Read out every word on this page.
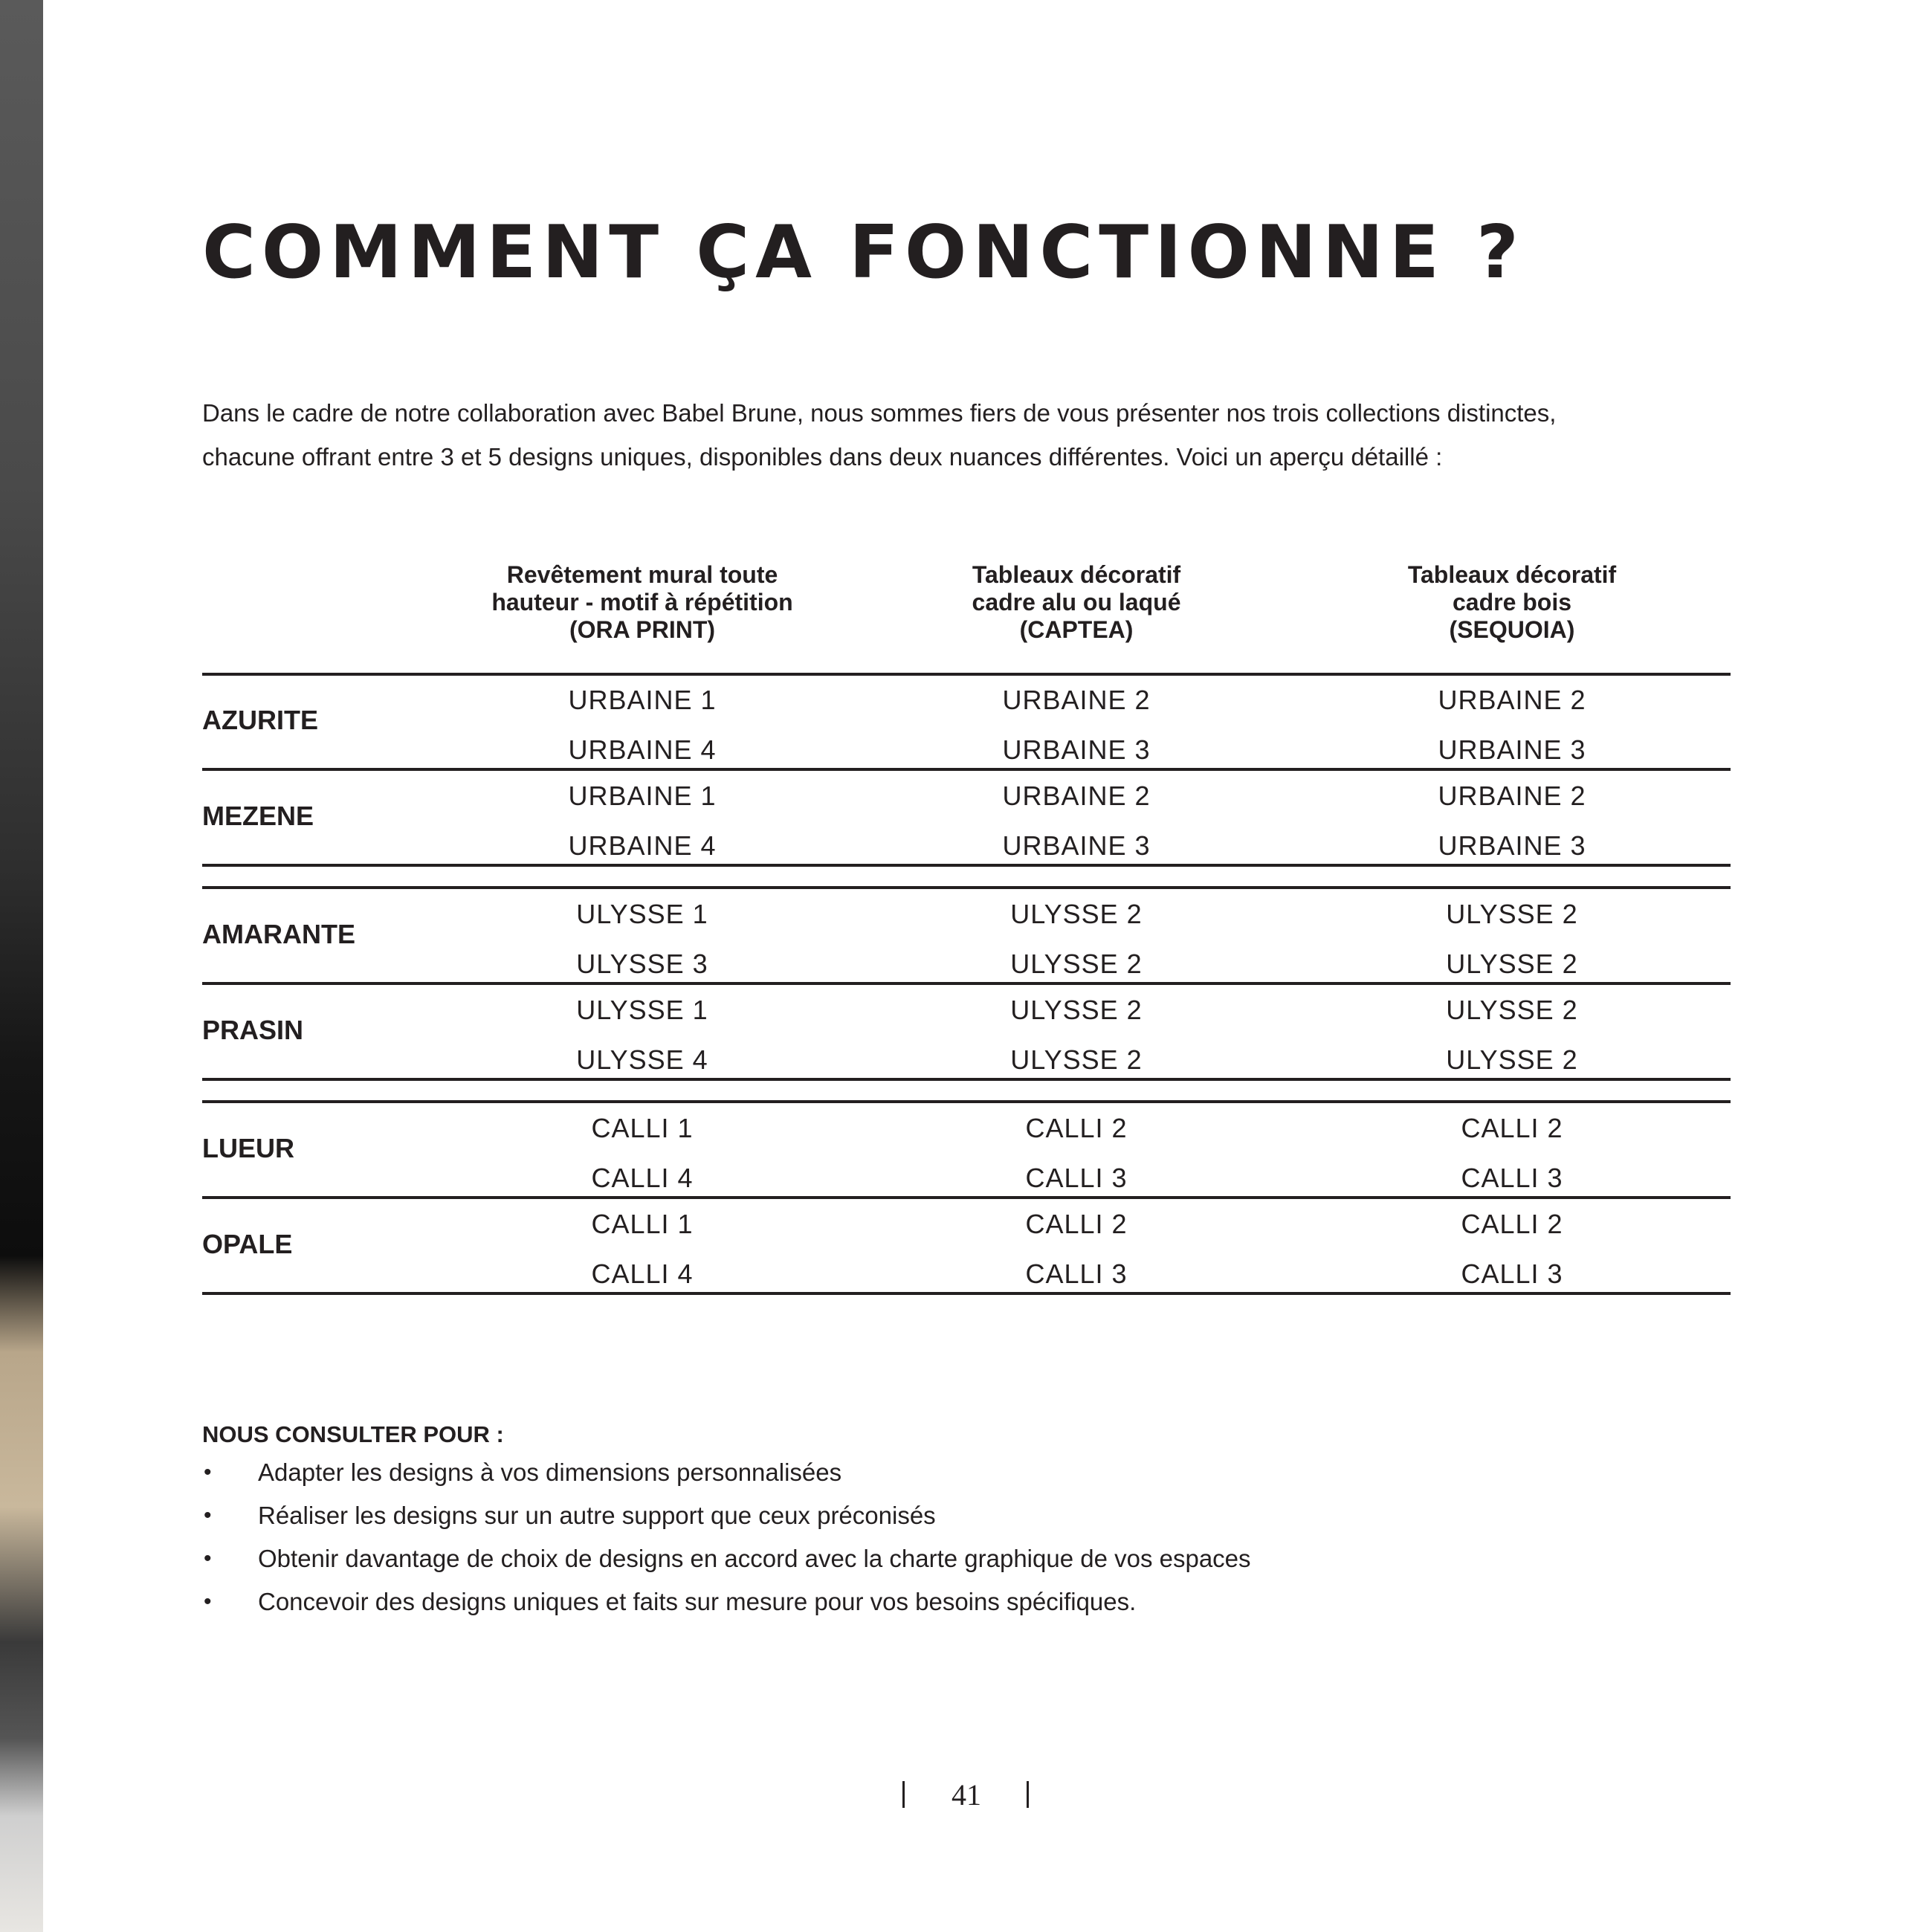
COMMENT ÇA FONCTIONNE ?

Dans le cadre de notre collaboration avec Babel Brune, nous sommes fiers de vous présenter nos trois collections distinctes,

chacune offrant entre 3 et 5 designs uniques, disponibles dans deux nuances différentes. Voici un aperçu détaillé :

Revêtement mural toute
hauteur - motif à répétition
(ORA PRINT)
Tableaux décoratif
cadre alu ou laqué
(CAPTEA)
Tableaux décoratif
cadre bois
(SEQUOIA)
AZURITE
URBAINE 1
URBAINE 4
URBAINE 2
URBAINE 3
URBAINE 2
URBAINE 3
MEZENE
URBAINE 1
URBAINE 4
URBAINE 2
URBAINE 3
URBAINE 2
URBAINE 3
AMARANTE
ULYSSE 1
ULYSSE 3
ULYSSE 2
ULYSSE 2
ULYSSE 2
ULYSSE 2
PRASIN
ULYSSE 1
ULYSSE 4
ULYSSE 2
ULYSSE 2
ULYSSE 2
ULYSSE 2
LUEUR
CALLI 1
CALLI 4
CALLI 2
CALLI 3
CALLI 2
CALLI 3
OPALE
CALLI 1
CALLI 4
CALLI 2
CALLI 3
CALLI 2
CALLI 3

NOUS CONSULTER POUR :

• Adapter les designs à vos dimensions personnalisées
• Réaliser les designs sur un autre support que ceux préconisés
• Obtenir davantage de choix de designs en accord avec la charte graphique de vos espaces
• Concevoir des designs uniques et faits sur mesure pour vos besoins spécifiques.
41
